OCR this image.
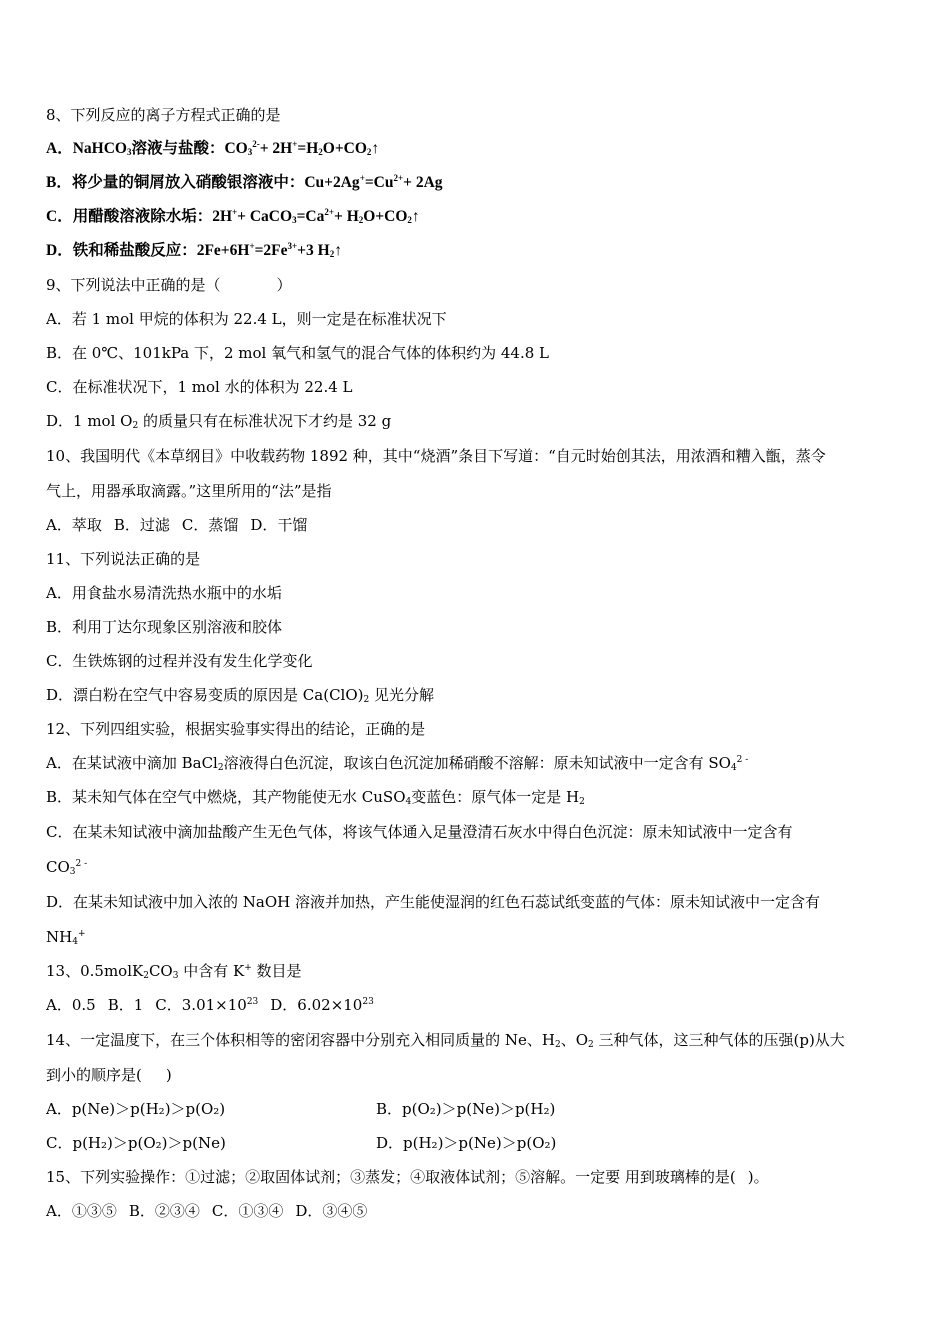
8、下列反应的离子方程式正确的是
A．NaHCO$_3$溶液与盐酸：$CO_3^{2-}+$ $2H^+=H_2O+CO_2↑$
B．将少量的铜屑放入硝酸银溶液中：$Cu+2Ag^+=Cu^{2+}+ 2Ag$
C．用醋酸溶液除水垢：$2H^++ CaCO_3=Ca^{2+}+$ $H_2O+CO_2↑$
D．铁和稀盐酸反应：$2Fe+6H^+=2Fe^{3+}+3$ $H_2↑$
9、下列说法中正确的是（	）
A．若 1 mol 甲烷的体积为 22.4 L，则一定是在标准状况下
B．在 0℃、101kPa 下，2 mol 氧气和氢气的混合气体的体积约为 44.8 L
C．在标准状况下，1 mol 水的体积为 22.4 L
D．1 mol $O_2$ 的质量只有在标准状况下才约是 32 g
10、我国明代《本草纲目》中收载药物 1892 种，其中“烧酒”条目下写道：“自元时始创其法，用浓酒和糟入甑，蒸令
气上，用器承取滴露。”这里所用的“法”是指
A．萃取 B．过滤 C．蒸馏 D．干馏
11、下列说法正确的是
A．用食盐水易清洗热水瓶中的水垢
B．利用丁达尔现象区别溶液和胶体
C．生铁炼钢的过程并没有发生化学变化
D．漂白粉在空气中容易变质的原因是 $Ca(ClO)_2$ 见光分解
12、下列四组实验，根据实验事实得出的结论，正确的是
A．在某试液中滴加 BaCl$_2$溶液得白色沉淀，取该白色沉淀加稀硝酸不溶解：原未知试液中一定含有 $SO_4^{2 -}$
B．某未知气体在空气中燃烧，其产物能使无水 CuSO$_4$变蓝色：原气体一定是 $H_2$
C．在某未知试液中滴加盐酸产生无色气体，将该气体通入足量澄清石灰水中得白色沉淀：原未知试液中一定含有
$CO_3^{2 -}$
D．在某未知试液中加入浓的 NaOH 溶液并加热，产生能使湿润的红色石蕊试纸变蓝的气体：原未知试液中一定含有
$NH_4^+$
13、$0.5molK_2CO_3$ 中含有 K+ 数目是
A．0.5 B．1 C．$3.01\times 10^{23}$ D．$6.02\times 10^{23}$
14、一定温度下，在三个体积相等的密闭容器中分别充入相同质量的 Ne、$H_2$、$O_2$ 三种气体，这三种气体的压强(p)从大
到小的顺序是( )
A．p(Ne)＞p(H₂)＞p(O₂)	B．p(O₂)＞p(Ne)＞p(H₂)
C．p(H₂)＞p(O₂)＞p(Ne)	D．p(H₂)＞p(Ne)＞p(O₂)
15、下列实验操作：①过滤；②取固体试剂；③蒸发；④取液体试剂；⑤溶解。一定要 用到玻璃棒的是( )。
A．①③⑤ B．②③④ C．①③④ D．③④⑤
